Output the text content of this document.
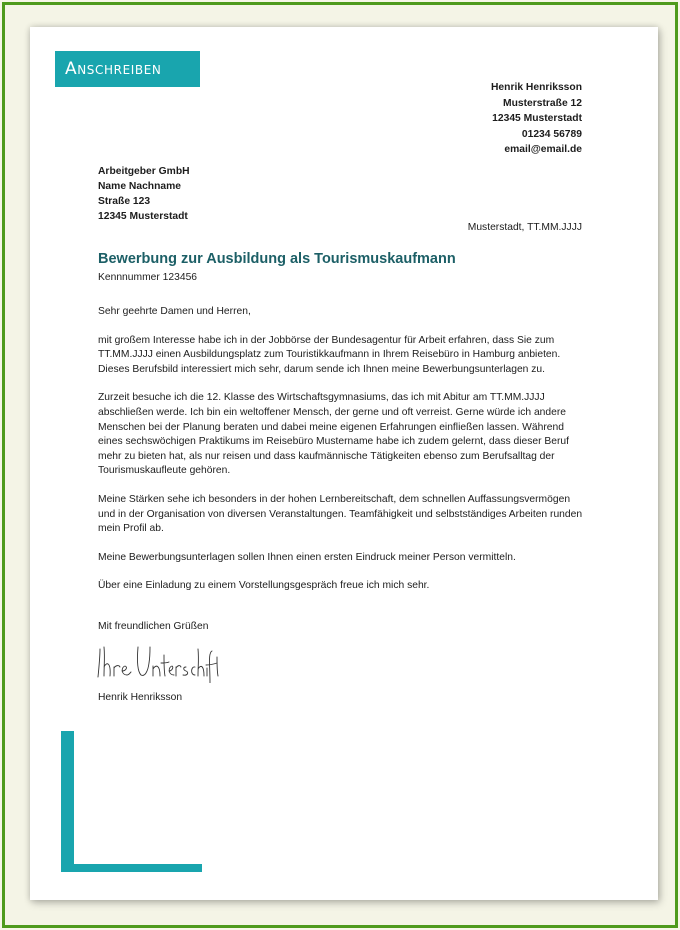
Anschreiben
Henrik Henriksson
Musterstraße 12
12345 Musterstadt
01234 56789
email@email.de
Arbeitgeber GmbH
Name Nachname
Straße 123
12345 Musterstadt
Musterstadt, TT.MM.JJJJ
Bewerbung zur Ausbildung als Tourismuskaufmann
Kennnummer 123456

Sehr geehrte Damen und Herren,

mit großem Interesse habe ich in der Jobbörse der Bundesagentur für Arbeit erfahren, dass Sie zum TT.MM.JJJJ einen Ausbildungsplatz zum Touristikkaufmann in Ihrem Reisebüro in Hamburg anbieten. Dieses Berufsbild interessiert mich sehr, darum sende ich Ihnen meine Bewerbungsunterlagen zu.

Zurzeit besuche ich die 12. Klasse des Wirtschaftsgymnasiums, das ich mit Abitur am TT.MM.JJJJ abschließen werde. Ich bin ein weltoffener Mensch, der gerne und oft verreist. Gerne würde ich andere Menschen bei der Planung beraten und dabei meine eigenen Erfahrungen einfließen lassen. Während eines sechswöchigen Praktikums im Reisebüro Mustername habe ich zudem gelernt, dass dieser Beruf mehr zu bieten hat, als nur reisen und dass kaufmännische Tätigkeiten ebenso zum Berufsalltag der Tourismuskaufleute gehören.

Meine Stärken sehe ich besonders in der hohen Lernbereitschaft, dem schnellen Auffassungsvermögen und in der Organisation von diversen Veranstaltungen. Teamfähigkeit und selbstständiges Arbeiten runden mein Profil ab.

Meine Bewerbungsunterlagen sollen Ihnen einen ersten Eindruck meiner Person vermitteln.

Über eine Einladung zu einem Vorstellungsgespräch freue ich mich sehr.

Mit freundlichen Grüßen
Henrik Henriksson
